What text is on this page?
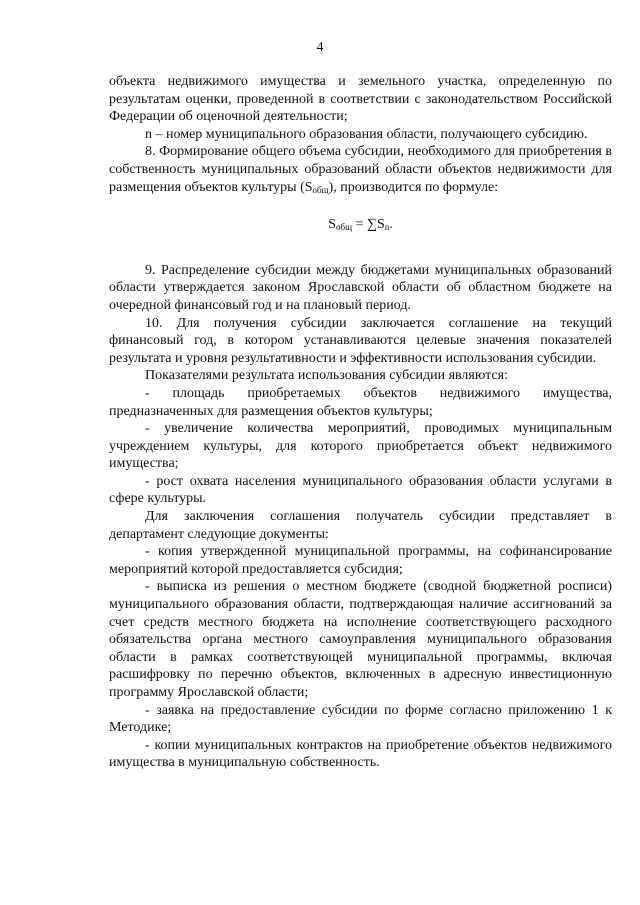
4

объекта недвижимого имущества и земельного участка, определенную по результатам оценки, проведенной в соответствии с законодательством Российской Федерации об оценочной деятельности;

n – номер муниципального образования области, получающего субсидию.

8. Формирование общего объема субсидии, необходимого для приобретения в собственность муниципальных образований области объектов недвижимости для размещения объектов культуры $(S_{общ})$, производится по формуле:

$S_{общ} = \sum S_n$.

9. Распределение субсидии между бюджетами муниципальных образований области утверждается законом Ярославской области об областном бюджете на очередной финансовый год и на плановый период.

10. Для получения субсидии заключается соглашение на текущий финансовый год, в котором устанавливаются целевые значения показателей результата и уровня результативности и эффективности использования субсидии.

Показателями результата использования субсидии являются:

- площадь приобретаемых объектов недвижимого имущества, предназначенных для размещения объектов культуры;

- увеличение количества мероприятий, проводимых муниципальным учреждением культуры, для которого приобретается объект недвижимого имущества;

- рост охвата населения муниципального образования области услугами в сфере культуры.

Для заключения соглашения получатель субсидии представляет в департамент следующие документы:

- копия утвержденной муниципальной программы, на софинансирование мероприятий которой предоставляется субсидия;

- выписка из решения о местном бюджете (сводной бюджетной росписи) муниципального образования области, подтверждающая наличие ассигнований за счет средств местного бюджета на исполнение соответствующего расходного обязательства органа местного самоуправления муниципального образования области в рамках соответствующей муниципальной программы, включая расшифровку по перечню объектов, включенных в адресную инвестиционную программу Ярославской области;

- заявка на предоставление субсидии по форме согласно приложению 1 к Методике;

- копии муниципальных контрактов на приобретение объектов недвижимого имущества в муниципальную собственность.
